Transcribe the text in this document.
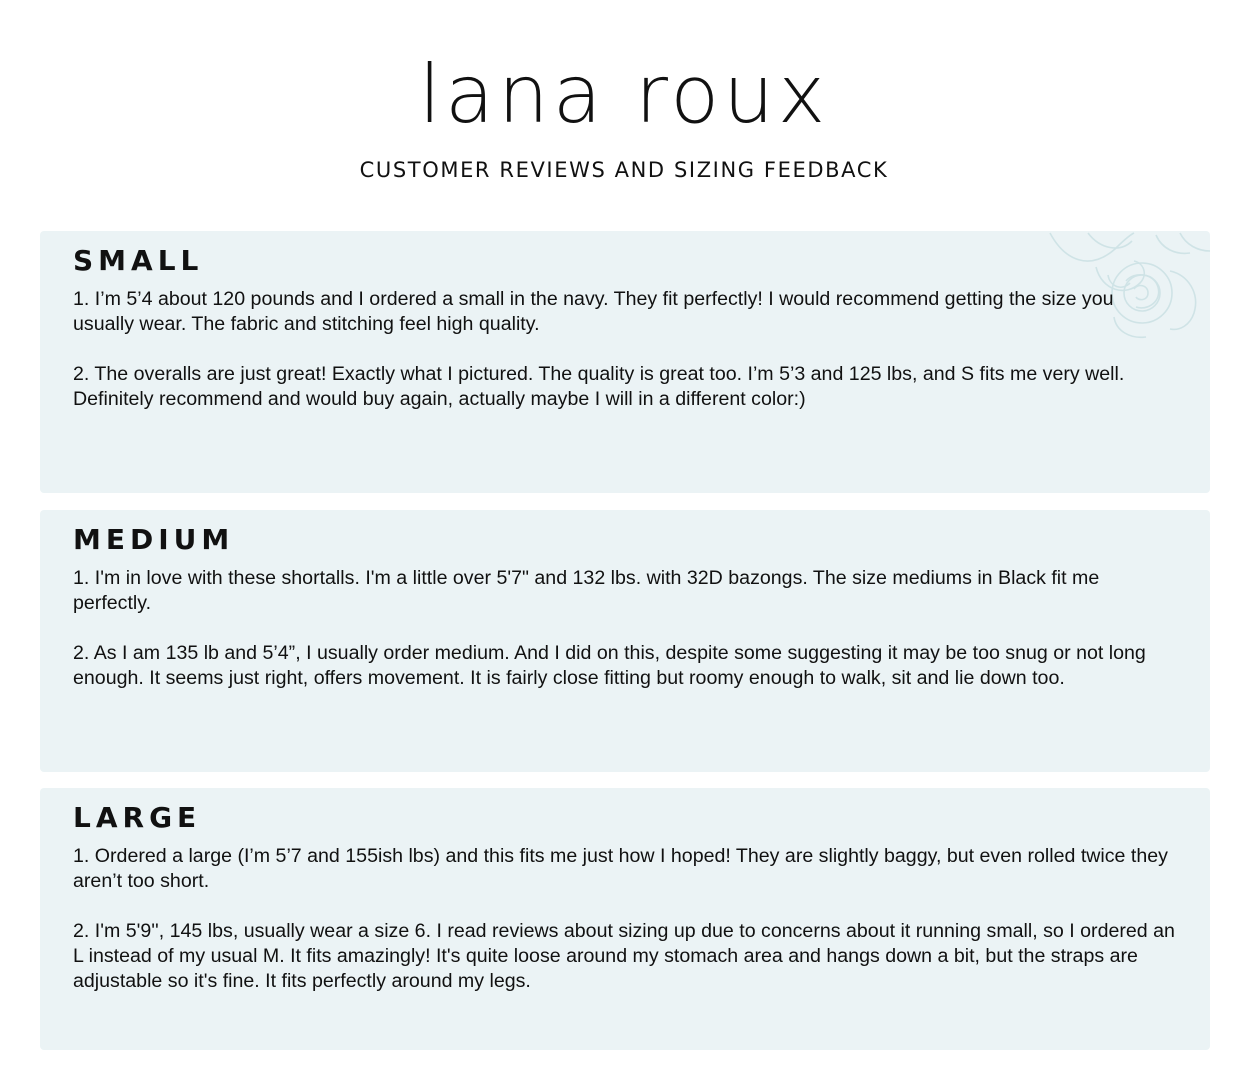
lana roux
CUSTOMER REVIEWS AND SIZING FEEDBACK
SMALL

1. I’m 5’4 about 120 pounds and I ordered a small in the navy. They fit perfectly! I would recommend getting the size you usually wear. The fabric and stitching feel high quality.

2. The overalls are just great! Exactly what I pictured. The quality is great too. I’m 5’3 and 125 lbs, and S fits me very well. Definitely recommend and would buy again, actually maybe I will in a different color:)

MEDIUM

1. I'm in love with these shortalls. I'm a little over 5'7" and 132 lbs. with 32D bazongs. The size mediums in Black fit me perfectly.

2. As I am 135 lb and 5’4”, I usually order medium. And I did on this, despite some suggesting it may be too snug or not long enough. It seems just right, offers movement. It is fairly close fitting but roomy enough to walk, sit and lie down too.

LARGE

1. Ordered a large (I’m 5’7 and 155ish lbs) and this fits me just how I hoped! They are slightly baggy, but even rolled twice they aren’t too short.

2. I'm 5'9'', 145 lbs, usually wear a size 6. I read reviews about sizing up due to concerns about it running small, so I ordered an L instead of my usual M. It fits amazingly! It's quite loose around my stomach area and hangs down a bit, but the straps are adjustable so it's fine. It fits perfectly around my legs.
